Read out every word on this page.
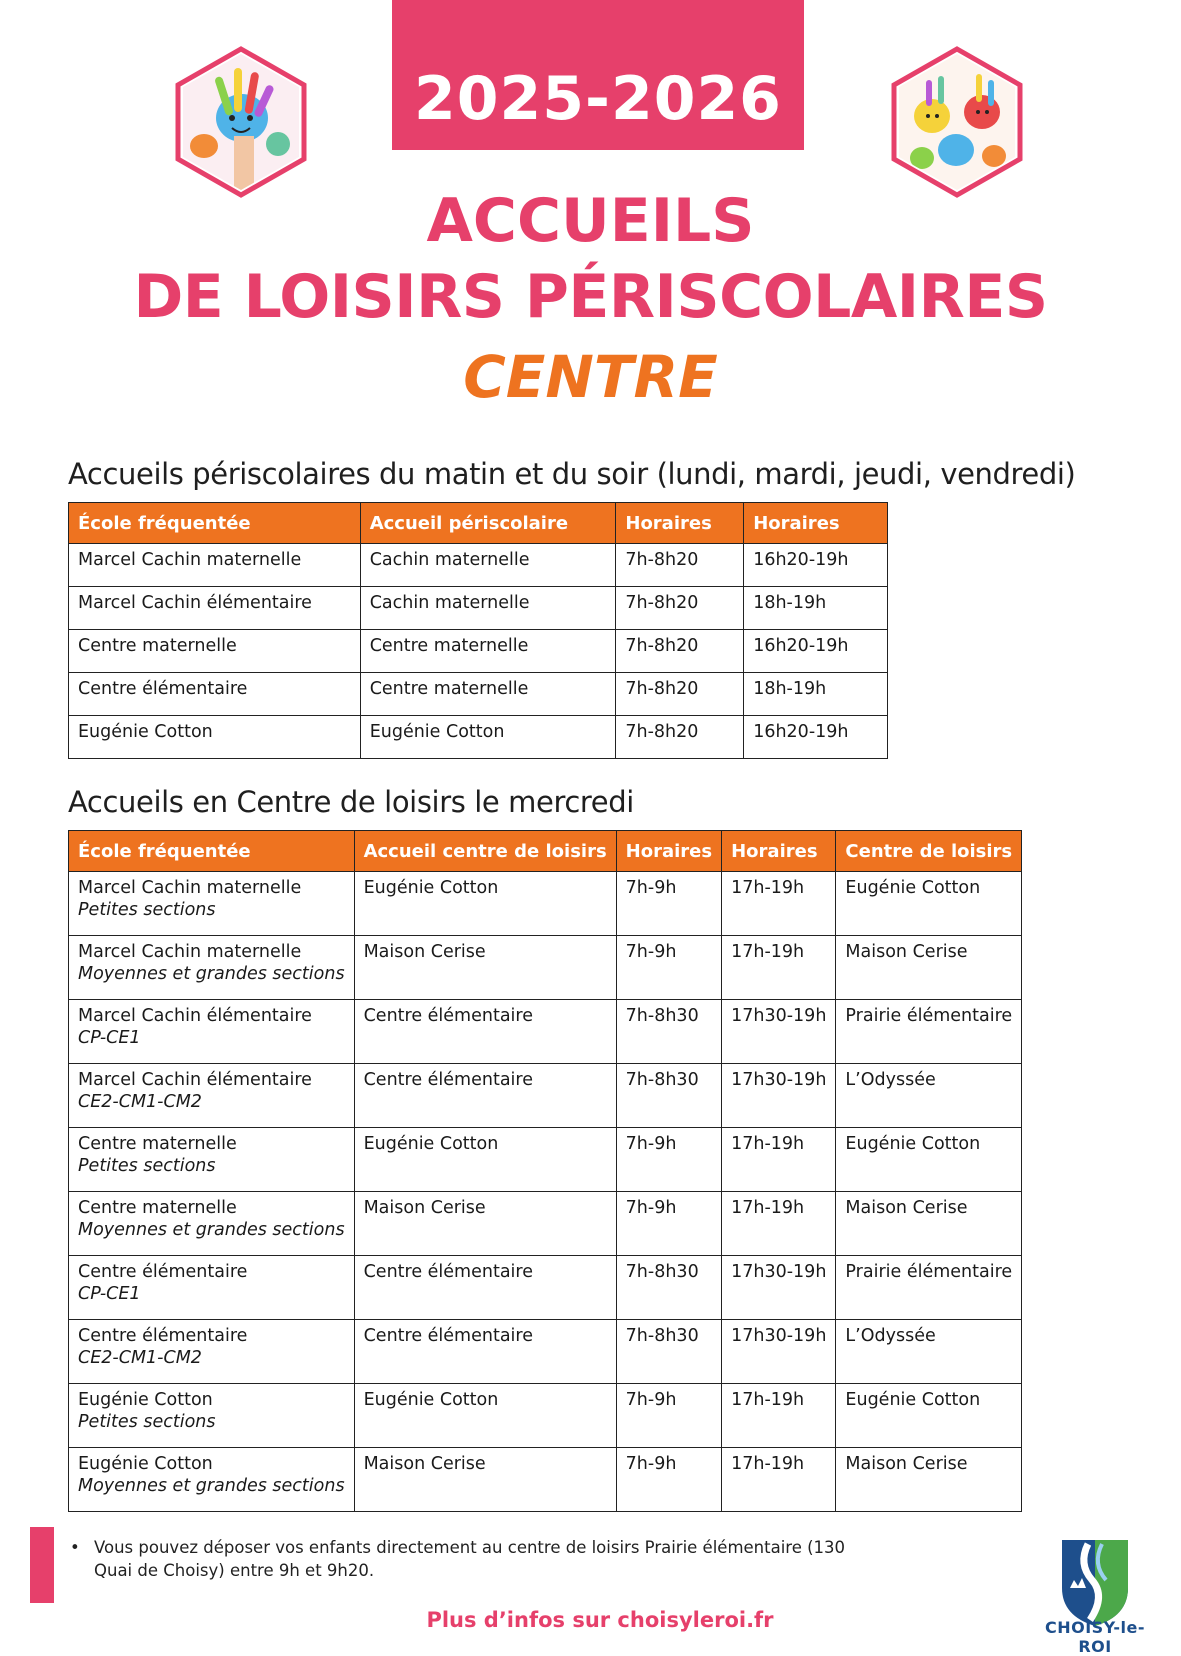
2025-2026
ACCUEILS
DE LOISIRS PÉRISCOLAIRES
CENTRE
Accueils périscolaires du matin et du soir (lundi, mardi, jeudi, vendredi)
École fréquentée	Accueil périscolaire	Horaires	Horaires
Marcel Cachin maternelle	Cachin maternelle	7h-8h20	16h20-19h
Marcel Cachin élémentaire	Cachin maternelle	7h-8h20	18h-19h
Centre maternelle	Centre maternelle	7h-8h20	16h20-19h
Centre élémentaire	Centre maternelle	7h-8h20	18h-19h
Eugénie Cotton	Eugénie Cotton	7h-8h20	16h20-19h
Accueils en Centre de loisirs le mercredi
École fréquentée	Accueil centre de loisirs	Horaires	Horaires	Centre de loisirs
Marcel Cachin maternelle
Petites sections	Eugénie Cotton	7h-9h	17h-19h	Eugénie Cotton
Marcel Cachin maternelle
Moyennes et grandes sections	Maison Cerise	7h-9h	17h-19h	Maison Cerise
Marcel Cachin élémentaire
CP-CE1	Centre élémentaire	7h-8h30	17h30-19h	Prairie élémentaire
Marcel Cachin élémentaire
CE2-CM1-CM2	Centre élémentaire	7h-8h30	17h30-19h	L’Odyssée
Centre maternelle
Petites sections	Eugénie Cotton	7h-9h	17h-19h	Eugénie Cotton
Centre maternelle
Moyennes et grandes sections	Maison Cerise	7h-9h	17h-19h	Maison Cerise
Centre élémentaire
CP-CE1	Centre élémentaire	7h-8h30	17h30-19h	Prairie élémentaire
Centre élémentaire
CE2-CM1-CM2	Centre élémentaire	7h-8h30	17h30-19h	L’Odyssée
Eugénie Cotton
Petites sections	Eugénie Cotton	7h-9h	17h-19h	Eugénie Cotton
Eugénie Cotton
Moyennes et grandes sections	Maison Cerise	7h-9h	17h-19h	Maison Cerise
• Vous pouvez déposer vos enfants directement au centre de loisirs Prairie élémentaire (130 Quai de Choisy) entre 9h et 9h20.
Plus d’infos sur choisyleroi.fr	CHOISY-le-ROI
